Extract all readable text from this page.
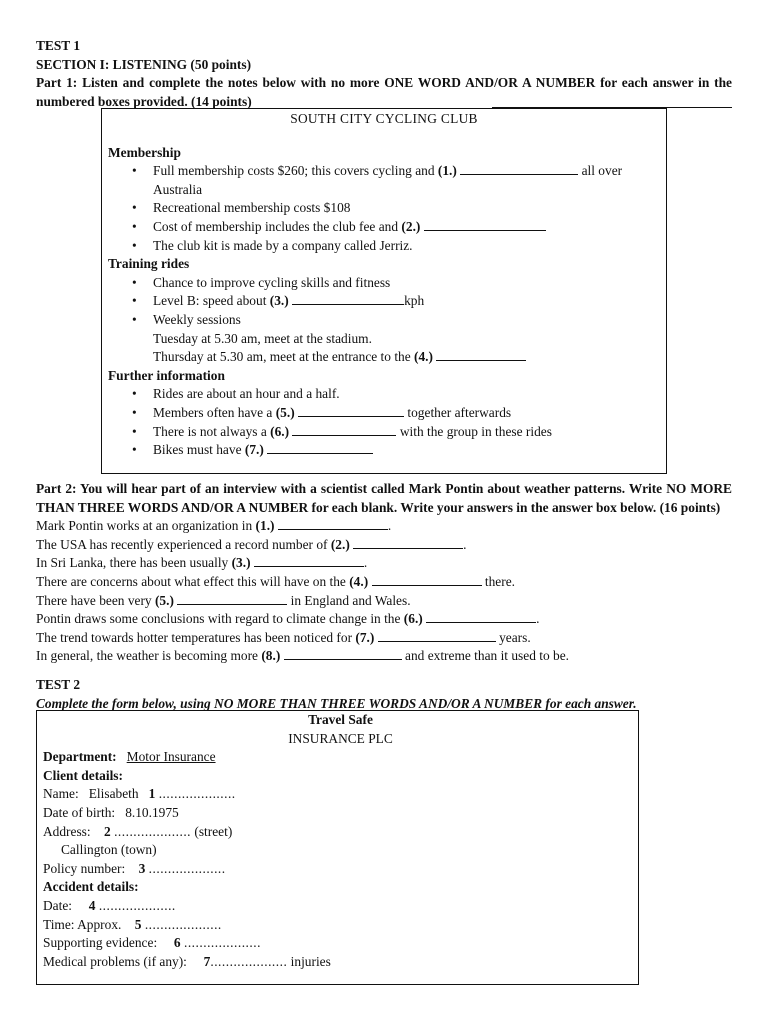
TEST 1
SECTION I: LISTENING (50 points)
Part 1: Listen and complete the notes below with no more ONE WORD AND/OR A NUMBER for each answer in the numbered boxes provided. (14 points)
SOUTH CITY CYCLING CLUB
Membership
• Full membership costs $260; this covers cycling and (1.)	all over
Australia
• Recreational membership costs $108
• Cost of membership includes the club fee and (2.)
• The club kit is made by a company called Jerriz.
Training rides
• Chance to improve cycling skills and fitness
• Level B: speed about (3.)	kph
• Weekly sessions
Tuesday at 5.30 am, meet at the stadium.
Thursday at 5.30 am, meet at the entrance to the (4.)
Further information
• Rides are about an hour and a half.
• Members often have a (5.)	together afterwards
• There is not always a (6.)	with the group in these rides
• Bikes must have (7.)
Part 2: You will hear part of an interview with a scientist called Mark Pontin about weather patterns. Write NO MORE THAN THREE WORDS AND/OR A NUMBER for each blank. Write your answers in the answer box below. (16 points)
Mark Pontin works at an organization in (1.)	.
The USA has recently experienced a record number of (2.)	.
In Sri Lanka, there has been usually (3.)	.
There are concerns about what effect this will have on the (4.)	there.
There have been very (5.)	in England and Wales.
Pontin draws some conclusions with regard to climate change in the (6.)	.
The trend towards hotter temperatures has been noticed for (7.)	years.
In general, the weather is becoming more (8.)	and extreme than it used to be.
TEST 2
Complete the form below, using NO MORE THAN THREE WORDS AND/OR A NUMBER for each answer.
Travel Safe
INSURANCE PLC
Department: Motor Insurance
Client details:
Name: Elisabeth 1 ....................
Date of birth: 8.10.1975
Address: 2 .................... (street)
Callington (town)
Policy number: 3 ....................
Accident details:
Date: 4 ....................
Time: Approx. 5 ....................
Supporting evidence: 6 ....................
Medical problems (if any): 7.................... injuries
